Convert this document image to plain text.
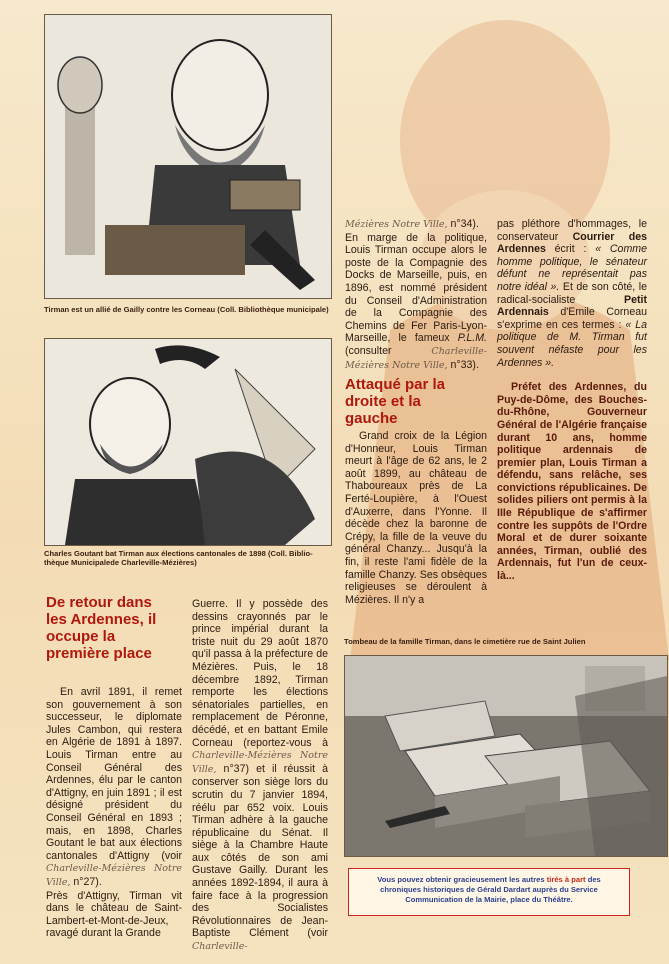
Tirman est un allié de Gailly contre les Corneau (Coll. Bibliothèque municipale)
Charles Goutant bat Tirman aux élections cantonales de 1898 (Coll. Biblio-thèque Municipalede Charleville-Mézières)

Mézières Notre Ville, n°34).

En marge de la politique, Louis Tirman occupe alors le poste de la Compagnie des Docks de Marseille, puis, en 1896, est nommé président du Conseil d'Administration de la Compagnie des Chemins de Fer Paris-Lyon-Marseille, le fameux P.L.M. (consulter Charleville-Mézières Notre Ville, n°33).

Attaqué par la droite et la gauche

Grand croix de la Légion d'Honneur, Louis Tirman meurt à l'âge de 62 ans, le 2 août 1899, au château de Thaboureaux près de La Ferté-Loupière, à l'Ouest d'Auxerre, dans l'Yonne. Il décède chez la baronne de Crépy, la fille de la veuve du général Chanzy... Jusqu'à la fin, il reste l'ami fidèle de la famille Chanzy. Ses obsèques religieuses se déroulent à Mézières. Il n'y a

pas pléthore d'hommages, le conservateur Courrier des Ardennes écrit : « Comme homme politique, le sénateur défunt ne représentait pas notre idéal ». Et de son côté, le radical-socialiste Petit Ardennais d'Emile Corneau s'exprime en ces termes : « La politique de M. Tirman fut souvent néfaste pour les Ardennes ».

Préfet des Ardennes, du Puy-de-Dôme, des Bouches-du-Rhône, Gouverneur Général de l'Algérie française durant 10 ans, homme politique ardennais de premier plan, Louis Tirman a défendu, sans relâche, ses convictions républicaines. De solides piliers ont permis à la IIIe République de s'affirmer contre les suppôts de l'Ordre Moral et de durer soixante années, Tirman, oublié des Ardennais, fut l'un de ceux-là...

De retour dans les Ardennes, il occupe la première place

En avril 1891, il remet son gouvernement à son successeur, le diplomate Jules Cambon, qui restera en Algérie de 1891 à 1897. Louis Tirman entre au Conseil Général des Ardennes, élu par le canton d'Attigny, en juin 1891 ; il est désigné président du Conseil Général en 1893 ; mais, en 1898, Charles Goutant le bat aux élections cantonales d'Attigny (voir Charleville-Mézières Notre Ville, n°27).

Près d'Attigny, Tirman vit dans le château de Saint-Lambert-et-Mont-de-Jeux, ravagé durant la Grande

Guerre. Il y possède des dessins crayonnés par le prince impérial durant la triste nuit du 29 août 1870 qu'il passa à la préfecture de Mézières. Puis, le 18 décembre 1892, Tirman remporte les élections sénatoriales partielles, en remplacement de Péronne, décédé, et en battant Emile Corneau (reportez-vous à Charleville-Mézières Notre Ville, n°37) et il réussit à conserver son siège lors du scrutin du 7 janvier 1894, réélu par 652 voix. Louis Tirman adhère à la gauche républicaine du Sénat. Il siège à la Chambre Haute aux côtés de son ami Gustave Gailly. Durant les années 1892-1894, il aura à faire face à la progression des Socialistes Révolutionnaires de Jean-Baptiste Clément (voir Charleville-

Tombeau de la famille Tirman, dans le cimetière rue de Saint Julien
Vous pouvez obtenir gracieusement les autres tirés à part des chroniques historiques de Gérald Dardart auprès du Service Communication de la Mairie, place du Théâtre.
